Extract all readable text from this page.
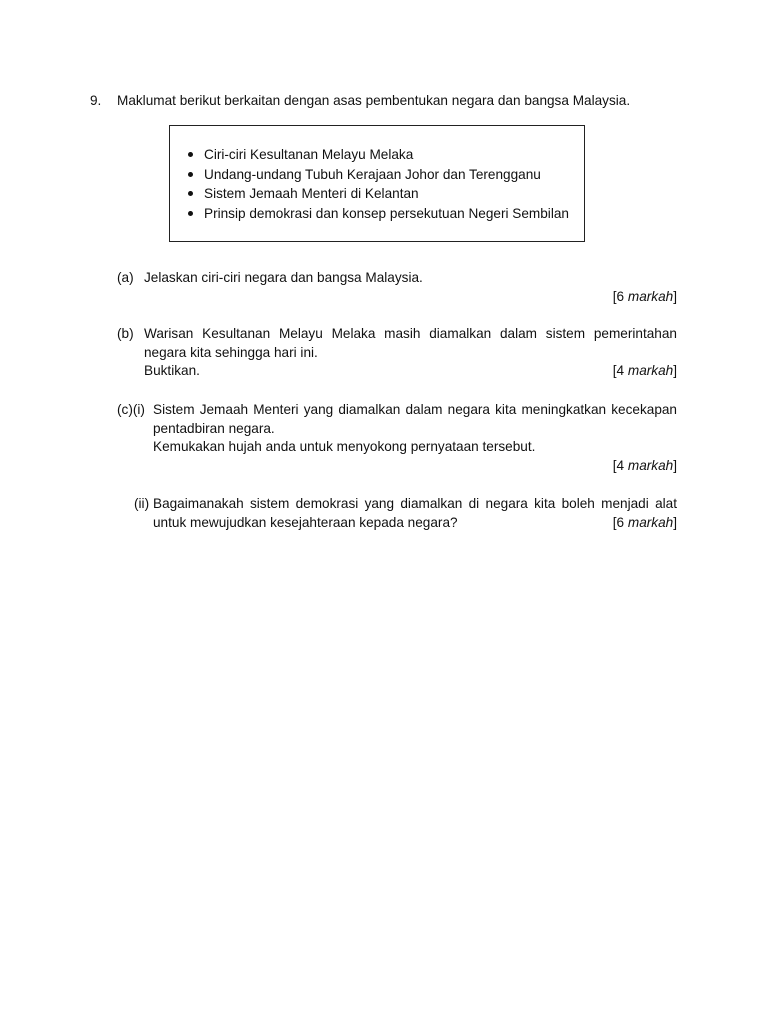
9. Maklumat berikut berkaitan dengan asas pembentukan negara dan bangsa Malaysia.
Ciri-ciri Kesultanan Melayu Melaka
Undang-undang Tubuh Kerajaan Johor dan Terengganu
Sistem Jemaah Menteri di Kelantan
Prinsip demokrasi dan konsep persekutuan Negeri Sembilan
(a) Jelaskan ciri-ciri negara dan bangsa Malaysia.
[6 markah]
(b) Warisan Kesultanan Melayu Melaka masih diamalkan dalam sistem pemerintahan
negara kita sehingga hari ini.
Buktikan.	[4 markah]
(c)(i) Sistem Jemaah Menteri yang diamalkan dalam negara kita meningkatkan kecekapan
pentadbiran negara.
Kemukakan hujah anda untuk menyokong pernyataan tersebut.
[4 markah]
(ii) Bagaimanakah sistem demokrasi yang diamalkan di negara kita boleh menjadi alat
untuk mewujudkan kesejahteraan kepada negara?	[6 markah]
